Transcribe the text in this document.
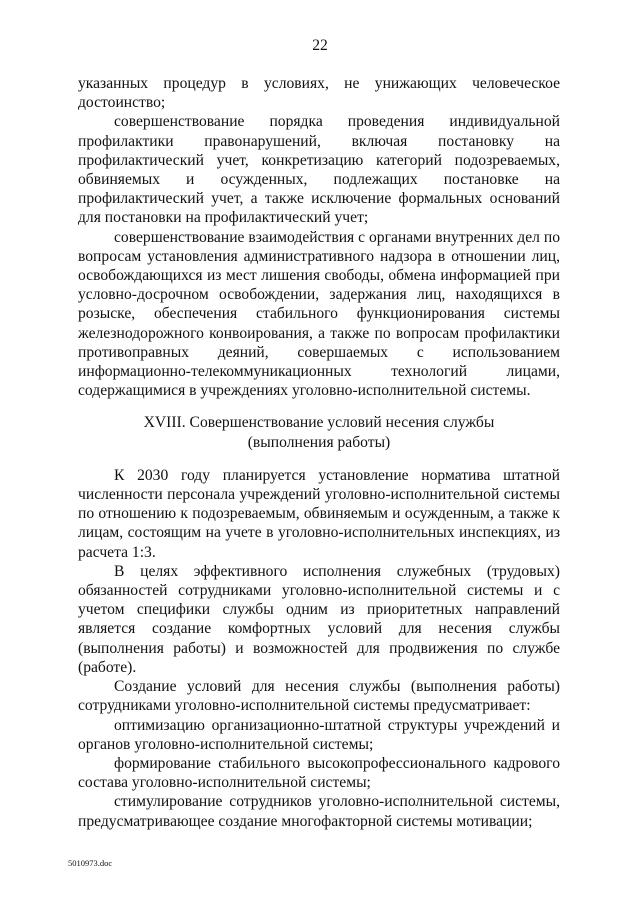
22

указанных процедур в условиях, не унижающих человеческое достоинство;

совершенствование порядка проведения индивидуальной профилактики правонарушений, включая постановку на профилактический учет, конкретизацию категорий подозреваемых, обвиняемых и осужденных, подлежащих постановке на профилактический учет, а также исключение формальных оснований для постановки на профилактический учет;

совершенствование взаимодействия с органами внутренних дел по вопросам установления административного надзора в отношении лиц, освобождающихся из мест лишения свободы, обмена информацией при условно-досрочном освобождении, задержания лиц, находящихся в розыске, обеспечения стабильного функционирования системы железнодорожного конвоирования, а также по вопросам профилактики противоправных деяний, совершаемых с использованием информационно-телекоммуникационных технологий лицами, содержащимися в учреждениях уголовно-исполнительной системы.

XVIII. Совершенствование условий несения службы
(выполнения работы)

К 2030 году планируется установление норматива штатной численности персонала учреждений уголовно-исполнительной системы по отношению к подозреваемым, обвиняемым и осужденным, а также к лицам, состоящим на учете в уголовно-исполнительных инспекциях, из расчета 1:3.

В целях эффективного исполнения служебных (трудовых) обязанностей сотрудниками уголовно-исполнительной системы и с учетом специфики службы одним из приоритетных направлений является создание комфортных условий для несения службы (выполнения работы) и возможностей для продвижения по службе (работе).

Создание условий для несения службы (выполнения работы) сотрудниками уголовно-исполнительной системы предусматривает:

оптимизацию организационно-штатной структуры учреждений и органов уголовно-исполнительной системы;

формирование стабильного высокопрофессионального кадрового состава уголовно-исполнительной системы;

стимулирование сотрудников уголовно-исполнительной системы, предусматривающее создание многофакторной системы мотивации;

5010973.doc
